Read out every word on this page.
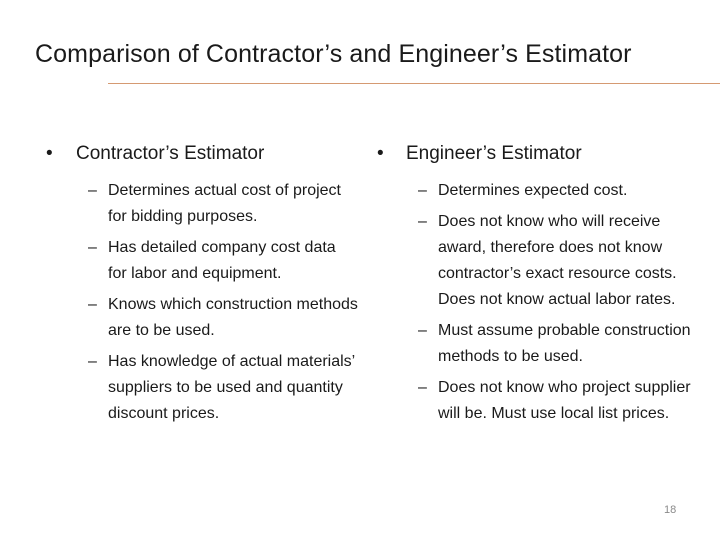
Comparison of Contractor’s and Engineer’s Estimator
•	Contractor’s Estimator
– Determines actual cost of project for bidding purposes.
– Has detailed company cost data for labor and equipment.
– Knows which construction methods are to be used.
– Has knowledge of actual materials’ suppliers to be used and quantity discount prices.
•	Engineer’s Estimator
– Determines expected cost.
– Does not know who will receive award, therefore does not know contractor’s exact resource costs. Does not know actual labor rates.
– Must assume probable construction methods to be used.
– Does not know who project supplier will be. Must use local list prices.
18
